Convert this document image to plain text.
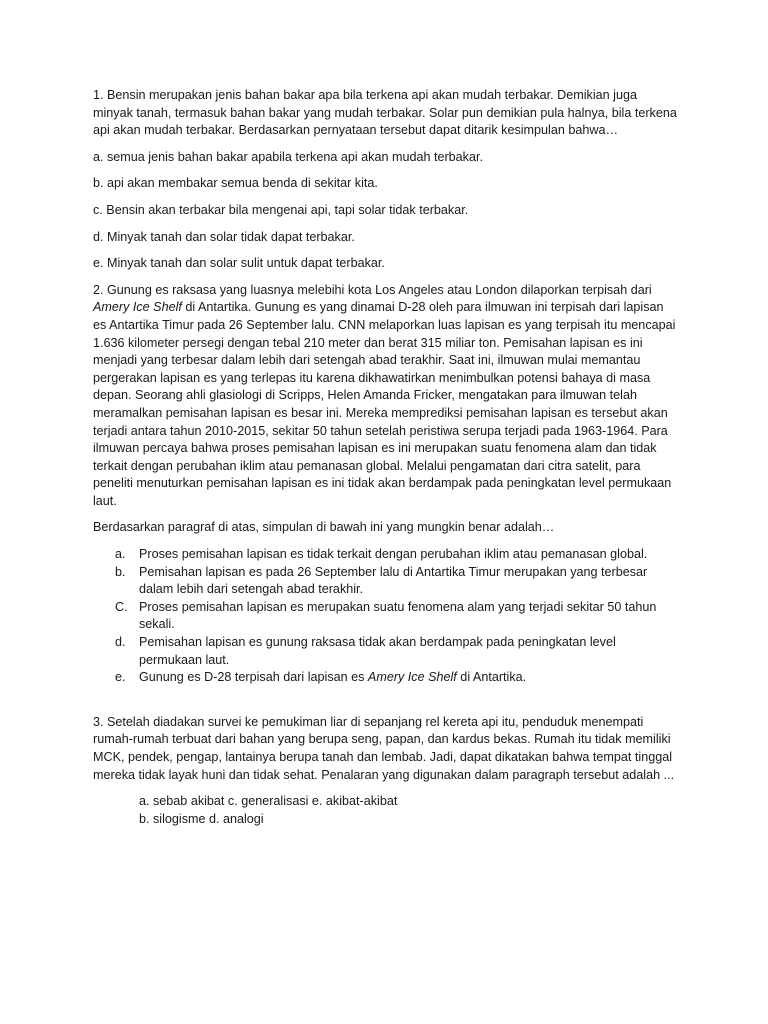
1. Bensin merupakan jenis bahan bakar apa bila terkena api akan mudah terbakar. Demikian juga minyak tanah, termasuk bahan bakar yang mudah terbakar. Solar pun demikian pula halnya, bila terkena api akan mudah terbakar. Berdasarkan pernyataan tersebut dapat ditarik kesimpulan bahwa…

a. semua jenis bahan bakar apabila terkena api akan mudah terbakar.

b. api akan membakar semua benda di sekitar kita.

c. Bensin akan terbakar bila mengenai api, tapi solar tidak terbakar.

d. Minyak tanah dan solar tidak dapat terbakar.

e. Minyak tanah dan solar sulit untuk dapat terbakar.

2. Gunung es raksasa yang luasnya melebihi kota Los Angeles atau London dilaporkan terpisah dari Amery Ice Shelf di Antartika. Gunung es yang dinamai D-28 oleh para ilmuwan ini terpisah dari lapisan es Antartika Timur pada 26 September lalu. CNN melaporkan luas lapisan es yang terpisah itu mencapai 1.636 kilometer persegi dengan tebal 210 meter dan berat 315 miliar ton. Pemisahan lapisan es ini menjadi yang terbesar dalam lebih dari setengah abad terakhir. Saat ini, ilmuwan mulai memantau pergerakan lapisan es yang terlepas itu karena dikhawatirkan menimbulkan potensi bahaya di masa depan. Seorang ahli glasiologi di Scripps, Helen Amanda Fricker, mengatakan para ilmuwan telah meramalkan pemisahan lapisan es besar ini. Mereka memprediksi pemisahan lapisan es tersebut akan terjadi antara tahun 2010-2015, sekitar 50 tahun setelah peristiwa serupa terjadi pada 1963-1964. Para ilmuwan percaya bahwa proses pemisahan lapisan es ini merupakan suatu fenomena alam dan tidak terkait dengan perubahan iklim atau pemanasan global. Melalui pengamatan dari citra satelit, para peneliti menuturkan pemisahan lapisan es ini tidak akan berdampak pada peningkatan level permukaan laut.

Berdasarkan paragraf di atas, simpulan di bawah ini yang mungkin benar adalah…

a. Proses pemisahan lapisan es tidak terkait dengan perubahan iklim atau pemanasan global.
b. Pemisahan lapisan es pada 26 September lalu di Antartika Timur merupakan yang terbesar dalam lebih dari setengah abad terakhir.
C. Proses pemisahan lapisan es merupakan suatu fenomena alam yang terjadi sekitar 50 tahun sekali.
d. Pemisahan lapisan es gunung raksasa tidak akan berdampak pada peningkatan level permukaan laut.
e. Gunung es D-28 terpisah dari lapisan es Amery Ice Shelf di Antartika.

3. Setelah diadakan survei ke pemukiman liar di sepanjang rel kereta api itu, penduduk menempati rumah-rumah terbuat dari bahan yang berupa seng, papan, dan kardus bekas. Rumah itu tidak memiliki MCK, pendek, pengap, lantainya berupa tanah dan lembab. Jadi, dapat dikatakan bahwa tempat tinggal mereka tidak layak huni dan tidak sehat. Penalaran yang digunakan dalam paragraph tersebut adalah ...

a. sebab akibat c. generalisasi e. akibat-akibat

b. silogisme d. analogi
